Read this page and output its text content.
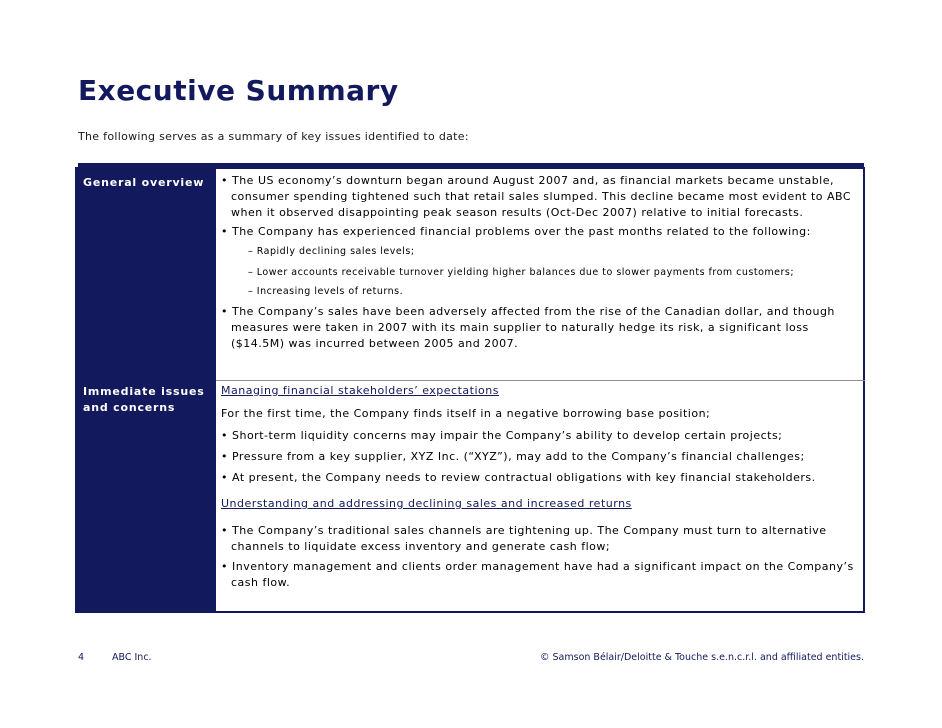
Executive Summary
The following serves as a summary of key issues identified to date:
General overview
Immediate issues
and concerns
• The US economy’s downturn began around August 2007 and, as financial markets became unstable,
consumer spending tightened such that retail sales slumped. This decline became most evident to ABC
when it observed disappointing peak season results (Oct-Dec 2007) relative to initial forecasts.
• The Company has experienced financial problems over the past months related to the following:
– Rapidly declining sales levels;
– Lower accounts receivable turnover yielding higher balances due to slower payments from customers;
– Increasing levels of returns.
• The Company’s sales have been adversely affected from the rise of the Canadian dollar, and though
measures were taken in 2007 with its main supplier to naturally hedge its risk, a significant loss
($14.5M) was incurred between 2005 and 2007.
Managing financial stakeholders’ expectations
For the first time, the Company finds itself in a negative borrowing base position;
• Short-term liquidity concerns may impair the Company’s ability to develop certain projects;
• Pressure from a key supplier, XYZ Inc. (“XYZ”), may add to the Company’s financial challenges;
• At present, the Company needs to review contractual obligations with key financial stakeholders.
Understanding and addressing declining sales and increased returns
• The Company’s traditional sales channels are tightening up. The Company must turn to alternative
channels to liquidate excess inventory and generate cash flow;
• Inventory management and clients order management have had a significant impact on the Company’s
cash flow.
4	ABC Inc.	© Samson Bélair/Deloitte & Touche s.e.n.c.r.l. and affiliated entities.
